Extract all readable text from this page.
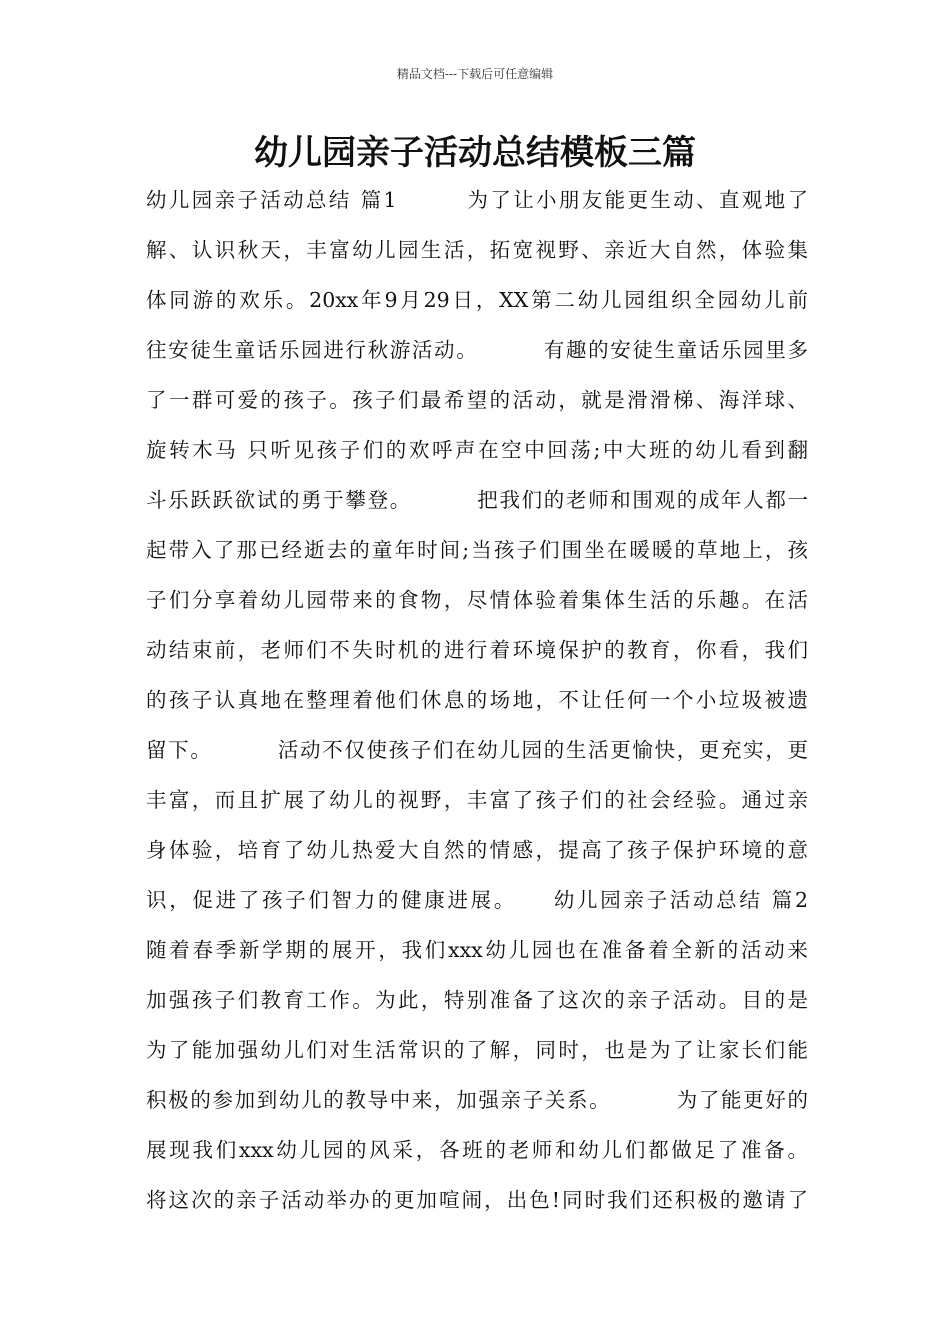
精品文档---下载后可任意编辑
幼儿园亲子活动总结模板三篇
幼儿园亲子活动总结 篇1        为了让小朋友能更生动、直观地了
解、认识秋天，丰富幼儿园生活，拓宽视野、亲近大自然，体验集
体同游的欢乐。20xx年9月29日，XX第二幼儿园组织全园幼儿前
往安徒生童话乐园进行秋游活动。        有趣的安徒生童话乐园里多
了一群可爱的孩子。孩子们最希望的活动，就是滑滑梯、海洋球、
旋转木马 只听见孩子们的欢呼声在空中回荡;中大班的幼儿看到翻
斗乐跃跃欲试的勇于攀登。        把我们的老师和围观的成年人都一
起带入了那已经逝去的童年时间;当孩子们围坐在暖暖的草地上，孩
子们分享着幼儿园带来的食物，尽情体验着集体生活的乐趣。在活
动结束前，老师们不失时机的进行着环境保护的教育，你看，我们
的孩子认真地在整理着他们休息的场地，不让任何一个小垃圾被遗
留下。        活动不仅使孩子们在幼儿园的生活更愉快，更充实，更
丰富，而且扩展了幼儿的视野，丰富了孩子们的社会经验。通过亲
身体验，培育了幼儿热爱大自然的情感，提高了孩子保护环境的意
识，促进了孩子们智力的健康进展。    幼儿园亲子活动总结 篇2
随着春季新学期的展开，我们xxx幼儿园也在准备着全新的活动来
加强孩子们教育工作。为此，特别准备了这次的亲子活动。目的是
为了能加强幼儿们对生活常识的了解，同时，也是为了让家长们能
积极的参加到幼儿的教导中来，加强亲子关系。        为了能更好的
展现我们xxx幼儿园的风采，各班的老师和幼儿们都做足了准备。
将这次的亲子活动举办的更加喧闹，出色!同时我们还积极的邀请了
